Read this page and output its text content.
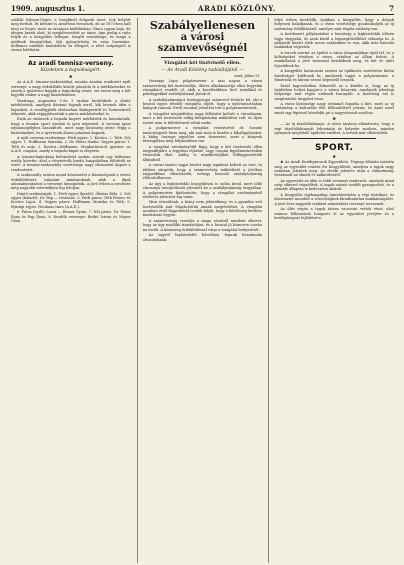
1909. augusztus 1.	ARADI KÖZLÖNY.	7

szállók Salmon-Segre, a Szegfűnél dolgozik most. Sok helyütt meg fordult. Itt kétszer is Arad-ban Nemesek, de az 1873-ben hall meg ez Segre, most az országos kiállításban. Nincs ugyan baja, de idegen kezek alatt, ki megkövesedett az ámor. Ami pedig a rajta folyik és a közgyűlés felfogni, Szegfű vezetősége, és maga a múltnak bizonyítékai, ifjú gyönyörűség és szép harmónia. Kellemes emlékét kialakította és elfogott, a rétet szépségről is vissza hódította.

Az aradi tennisz-verseny.
Küzdelem a bajnokságért.
✱

Az A.A.E. tennisz-szakosztályá, miután Aradon rendezett nyilt versenyt, a nagy érdeklődés között játszotta le a mérkőzéseket és ennek a győztesei kapják a bajnokság címet, ezt szerzi meg a két legjobb ember a nagy küzdelemben.

Vasárnap, augusztus 1-én 3 órakor kezdődnek a döntő mérkőzések, amelyek dönteni fognak arról, kik lesznek idén a bajnokok. A vendégjáték elsősorban Budapestről és Temesvárról érkezett, akik végigjátszották a páros mérkőzéseket is.

Ezek az emberek a bajnoki kupért mérkőztek és bemutatták, hogy a tennisz sport Aradon is igen népszerű. A verseny igazi népünnepélyhez hasonlított, mert nagy közönség nézte végig a küzdelmeket, és a nyertesek díszes jutalmat kapnak.

A nyilt verseny eredménye: Férfi egyes: 1. Kovács, 2. Tóth. Női egyes: 1. Hoffmann Mariska, 2. Dr. Weisz Ilonka. Vegyes páros: 1. Tóth és neje, 2. Kovács—Hoffmann. Meghatározott győztes: az A.A.E. csapata, amely a bajnoki kupát is elnyerte.

A tennisz-bajnokság befejezését szokás szerint egy kellemes estély követte, ahol a résztvevők baráti hangulatban töltötték az estét. A tennisz-szakosztály vezetősége nagy elismerést kapott a rendezésért.

A szakosztály ezúton mond köszönetet a közönségnek a szíves érdeklődésért, valamint mindazoknak, akik a díjak adományozásával a versenyt támogatták. A jövő évben a rendezés még nagyobb méretekben fog lefolyni.

Döntő eredmények: 1. Férfi egyes (kezdő): Ökröss Béla. 2. Női egyes (haladó): Dr. Pap — Neuhaus. 3. Férfi páros: Tóth Ferenc és Kovács Lajos. 4. Vegyes páros: Hoffmann Mariska és Tóth. 5. Ifjúsági egyes: Neuhaus Imre (A.A.E.).

6. Páros (nyilt): Lazar — Reiner Gyula. 7. Női páros: Dr. Weisz Ilona és Pap Ilona. 8. Kezdők versenye: Berkó István és Mayer Géza.

Szabályellenesen
a városi szamvevőségnél
Vizsgálat két tisztviselő ellen.
— Az Aradi Közlöny tudósítójától —
Arad, július 31.

Verzányi Lajos polgármester a mai napon a városi számvevőség két tisztviselője, illetve alkalmazottja ellen fegyelmi vizsgálatot rendelt el, akik a kezelésükben levő iratokkal és pénzügyekkel szabálytalanul jártak el.

A szabálytalanságot Szentgyörgyi számvevő fedezte fel, aki a hivatal egyes tételeit vizsgálva rájött, hogy a nyilvántartásban hiányok vannak. Erről azonnal jelentést tett a polgármesternek.

A vizsgálat megindítása nagy feltűnést keltett a városházán, mert a két tisztviselő eddig kifogástalan működésű volt, és ilyen esetet nem is feltételezett róluk senki.

A polgármester a vizsgálat vezetésével dr. Szende tanácsjegyzőt bízta meg, aki már meg is kezdte a kihallgatásokat. A hiány összege egyelőre nem ismeretes, mert a könyvek átvizsgálása még folyamatban van.

A vizsgálat eredményétől függ, hogy a két tisztviselő ellen megindítják-e a fegyelmi eljárást, vagy csupán figyelmeztetésben részesítik őket. Addig is mindkettőjüket felfüggesztették állásuktól.

A városi tanács tagjai között nagy izgalmat keltett az eset, és többen sürgetik, hogy a számvevőség működését a jövőben szigorúbban ellenőrizzék, nehogy hasonló szabálytalanság előfordulhasson.

Az ügy a legközelebbi közgyűlésen is szóba kerül, mert több városatya interpellációt jelentett be a szabálytalanság tárgyában. A polgármester kijelentette, hogy a vizsgálat eredményéről részletes jelentést fog tenni.

Mint értesülünk, a hiány nem jelentékeny, és a gyanúba vett tisztviselők már felajánlották annak megtérítését. A vizsgálat azonban ettől függetlenül tovább folyik, hogy a felelősség kérdése tisztázható legyen.

A számvevőség vezetője a maga részéről mindent elkövet, hogy az ügy mielőbb tisztázódjon, és a hivatal jó hírnevén csorba ne essék. A közönség érdeklődéssel várja a vizsgálat befejezését.

Az ügyről legközelebb bővebben fogunk beszámolni olvasóinknak.

folyó évben kezdődik, újabban a közgyűlés, hogy a dolgok helyesen haladjanak, és a város vezetősége gondoskodjék az új intézmény felállításáról, amelyre már régóta szükség van.

A beérkezett pályázatokat a bizottság a legközelebbi ülésén fogja tárgyalni, és azok közül a legmegfelelőbbet választja ki. A pályázók között több neves szakember is van, akik már hasonló munkákat végeztek.

A tervek szerint az épület a város központjában épül fel, és a költségeket részben a város, részben az állam fedezi. A munkálatok a jövő tavasszal kezdődnek meg, és két év alatt fejeződnek be.

A közgyűlés határozata szerint az építkezés vezetésére külön bizottságot küldenek ki, amelynek tagjai a polgármester, a főmérnök és három városi képviselő lesznek.

Ezzel kapcsolatban felmerült az a kérdés is, hogy az új épületben helyet kapjon-e a városi könyvtár, amelynek jelenlegi helyisége már régen szűknek bizonyult. A bizottság ezt is megfontolás tárgyává teszi.

A város közönsége nagy örömmel fogadta a hírt, mert az új intézmény a kulturális élet fellendülését jelenti, és Arad ezzel ismét egy lépéssel közelebb jut a nagyvárosok sorához.

✱

— Az új tűzoltólaktanya. A város tanácsa elhatározta, hogy a régi tűzoltólaktanyát lebontatja és helyette modern, minden igénynek megfelelő épületet emeltet. A tervek már elkészültek.

SPORT.
✱

✱ Az Aradi Kerékpárosok Egyesülete. Tegnap délután tartotta meg az egyesület rendes évi közgyűlését, amelyen a tagok nagy számban jelentek meg. Az elnöki jelentés után a választmány beszámolt az elmúlt év működéséről.

Az egyesület az idén is több versenyt rendezett, amelyek mind szép sikerrel végződtek. A tagok száma tovább gyarapodott, és a pénztár állapota is kedvezően alakult.

A közgyűlés egyhangúlag újraválasztotta a régi tisztikart, és köszönetet mondott a vezetőségnek fáradhatatlan munkásságáért. A jövő évre nagyobb szabású nemzetközi versenyt terveznek.

Az ülés végén a tagok társas vacsorán vettek részt, ahol számos felköszöntő hangzott el az egyesület jövőjére és a kerékpársport fejlődésére.
